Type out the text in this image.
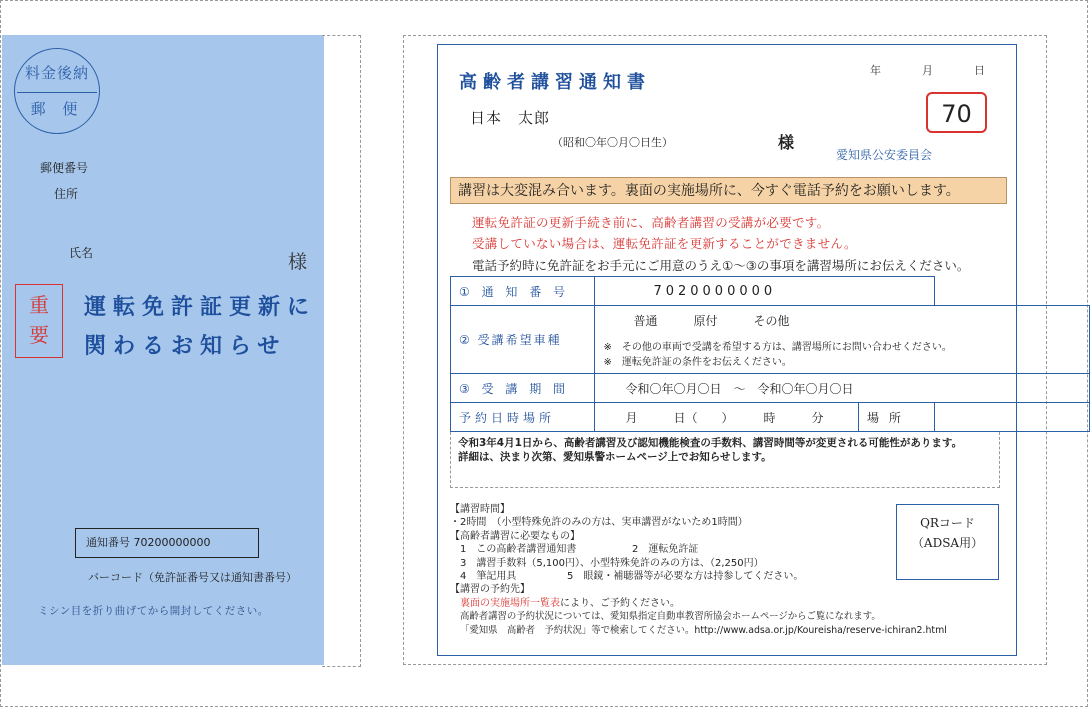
料金後納
郵 便
郵便番号
住所
氏名	様
重要
運転免許証更新に
関わるお知らせ
通知番号 70200000000
バーコード（免許証番号又は通知書番号）
ミシン目を折り曲げてから開封してください。
高齢者講習通知書
年	月	日
70
日本　太郎
（昭和〇年〇月〇日生）	様
愛知県公安委員会
講習は大変混み合います。裏面の実施場所に、今すぐ電話予約をお願いします。
運転免許証の更新手続き前に、高齢者講習の受講が必要です。
受講していない場合は、運転免許証を更新することができません。
電話予約時に免許証をお手元にご用意のうえ①〜③の事項を講習場所にお伝えください。
① 通 知 番 号	7020000000		
② 受講希望車種	普通　　　原付　　　その他
※　その他の車両で受講を希望する方は、講習場所にお問い合わせください。
※　運転免許証の条件をお伝えください。		

③ 受 講 期 間	令和〇年〇月〇日　〜　令和〇年〇月〇日		
予約日時場所	月　　　日（　　）　　　時　　　分	場 所	
令和3年4月1日から、高齢者講習及び認知機能検査の手数料、講習時間等が変更される可能性があります。
詳細は、決まり次第、愛知県警ホームページ上でお知らせします。
【講習時間】
・2時間　（小型特殊免許のみの方は、実車講習がないため1時間）
【高齢者講習に必要なもの】
1　この高齢者講習通知書	2　運転免許証
3　講習手数料（5,100円）、小型特殊免許のみの方は、（2,250円）
4　筆記用具	5　眼鏡・補聴器等が必要な方は持参してください。
【講習の予約先】
裏面の実施場所一覧表により、ご予約ください。
高齢者講習の予約状況については、愛知県指定自動車教習所協会ホームページからご覧になれます。
「愛知県　高齢者　予約状況」等で検索してください。http://www.adsa.or.jp/Koureisha/reserve-ichiran2.html
QRコード
（ADSA用）
